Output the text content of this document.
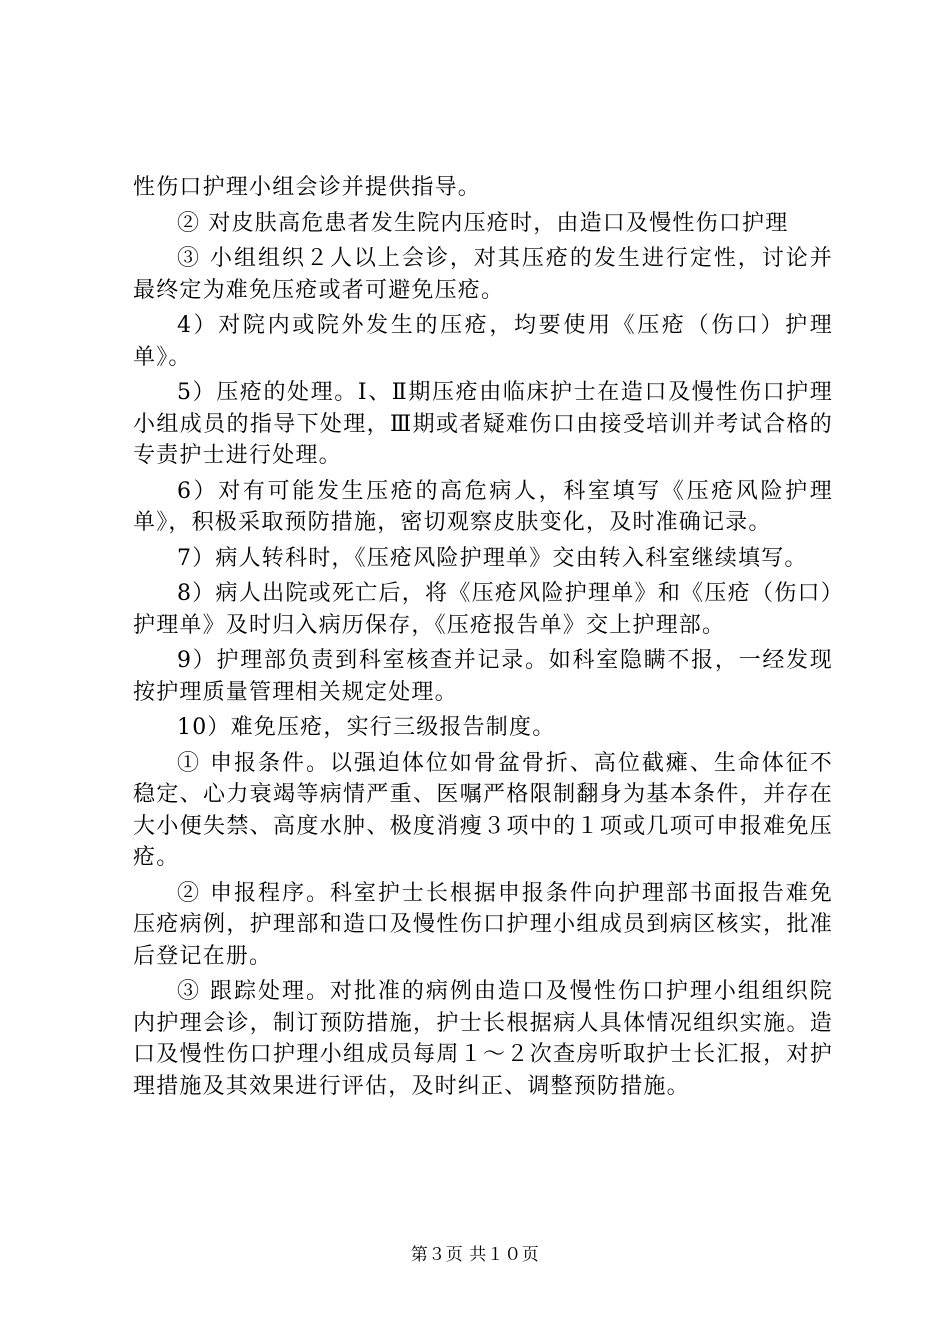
性伤口护理小组会诊并提供指导。

② 对皮肤高危患者发生院内压疮时，由造口及慢性伤口护理

③ 小组组织２人以上会诊，对其压疮的发生进行定性，讨论并最终定为难免压疮或者可避免压疮。

4）对院内或院外发生的压疮，均要使用《压疮（伤口）护理单》。

5）压疮的处理。Ⅰ、Ⅱ期压疮由临床护士在造口及慢性伤口护理小组成员的指导下处理，Ⅲ期或者疑难伤口由接受培训并考试合格的专责护士进行处理。

6）对有可能发生压疮的高危病人，科室填写《压疮风险护理单》，积极采取预防措施，密切观察皮肤变化，及时准确记录。

7）病人转科时，《压疮风险护理单》交由转入科室继续填写。

8）病人出院或死亡后，将《压疮风险护理单》和《压疮（伤口）护理单》及时归入病历保存，《压疮报告单》交上护理部。

9）护理部负责到科室核查并记录。如科室隐瞒不报，一经发现按护理质量管理相关规定处理。

10）难免压疮，实行三级报告制度。

① 申报条件。以强迫体位如骨盆骨折、高位截瘫、生命体征不稳定、心力衰竭等病情严重、医嘱严格限制翻身为基本条件，并存在大小便失禁、高度水肿、极度消瘦３项中的１项或几项可申报难免压疮。

② 申报程序。科室护士长根据申报条件向护理部书面报告难免压疮病例，护理部和造口及慢性伤口护理小组成员到病区核实，批准后登记在册。

③ 跟踪处理。对批准的病例由造口及慢性伤口护理小组组织院内护理会诊，制订预防措施，护士长根据病人具体情况组织实施。造口及慢性伤口护理小组成员每周１～２次查房听取护士长汇报，对护理措施及其效果进行评估，及时纠正、调整预防措施。

第３页 共１０页
